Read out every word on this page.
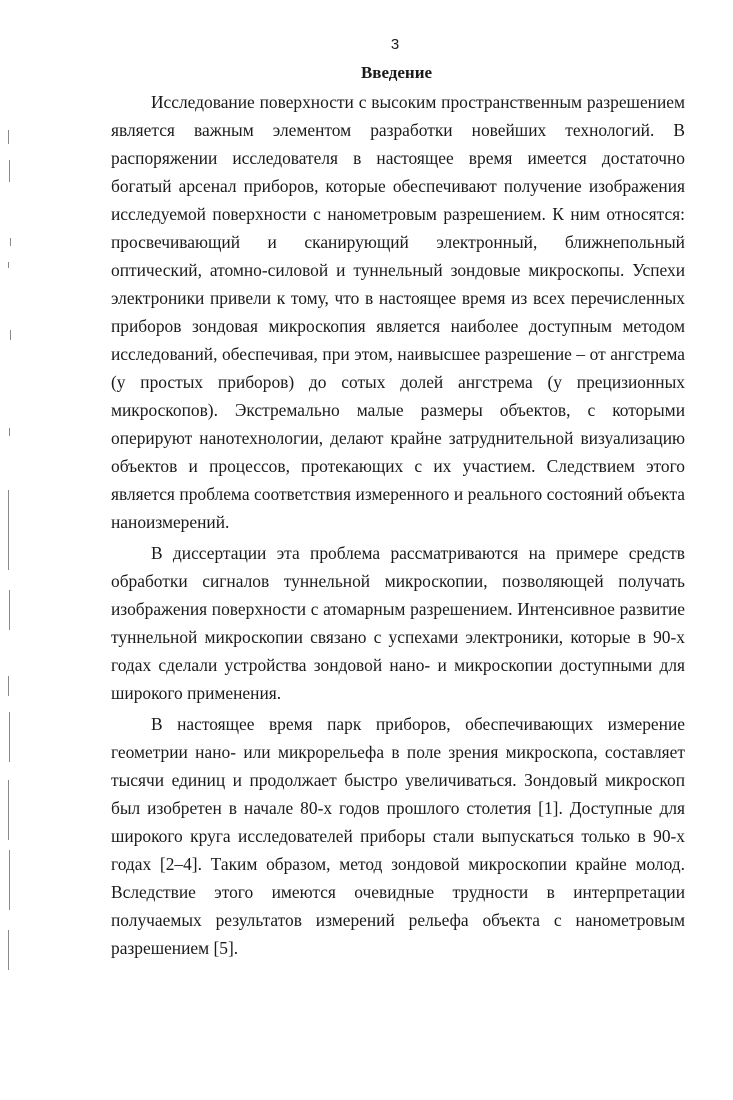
3
Введение

Исследование поверхности с высоким пространственным разрешением является важным элементом разработки новейших технологий. В распоряжении исследователя в настоящее время имеется достаточно богатый арсенал приборов, которые обеспечивают получение изображения исследуемой поверхности с нанометровым разрешением. К ним относятся: просвечивающий и сканирующий электронный, ближнепольный оптический, атомно-силовой и туннельный зондовые микроскопы. Успехи электроники привели к тому, что в настоящее время из всех перечисленных приборов зондовая микроскопия является наиболее доступным методом исследований, обеспечивая, при этом, наивысшее разрешение – от ангстрема (у простых приборов) до сотых долей ангстрема (у прецизионных микроскопов). Экстремально малые размеры объектов, с которыми оперируют нанотехнологии, делают крайне затруднительной визуализацию объектов и процессов, протекающих с их участием. Следствием этого является проблема соответствия измеренного и реального состояний объекта наноизмерений.

В диссертации эта проблема рассматриваются на примере средств обработки сигналов туннельной микроскопии, позволяющей получать изображения поверхности с атомарным разрешением. Интенсивное развитие туннельной микроскопии связано с успехами электроники, которые в 90-х годах сделали устройства зондовой нано- и микроскопии доступными для широкого применения.

В настоящее время парк приборов, обеспечивающих измерение геометрии нано- или микрорельефа в поле зрения микроскопа, составляет тысячи единиц и продолжает быстро увеличиваться. Зондовый микроскоп был изобретен в начале 80-х годов прошлого столетия [1]. Доступные для широкого круга исследователей приборы стали выпускаться только в 90-х годах [2–4]. Таким образом, метод зондовой микроскопии крайне молод. Вследствие этого имеются очевидные трудности в интерпретации получаемых результатов измерений рельефа объекта с нанометровым разрешением [5].
